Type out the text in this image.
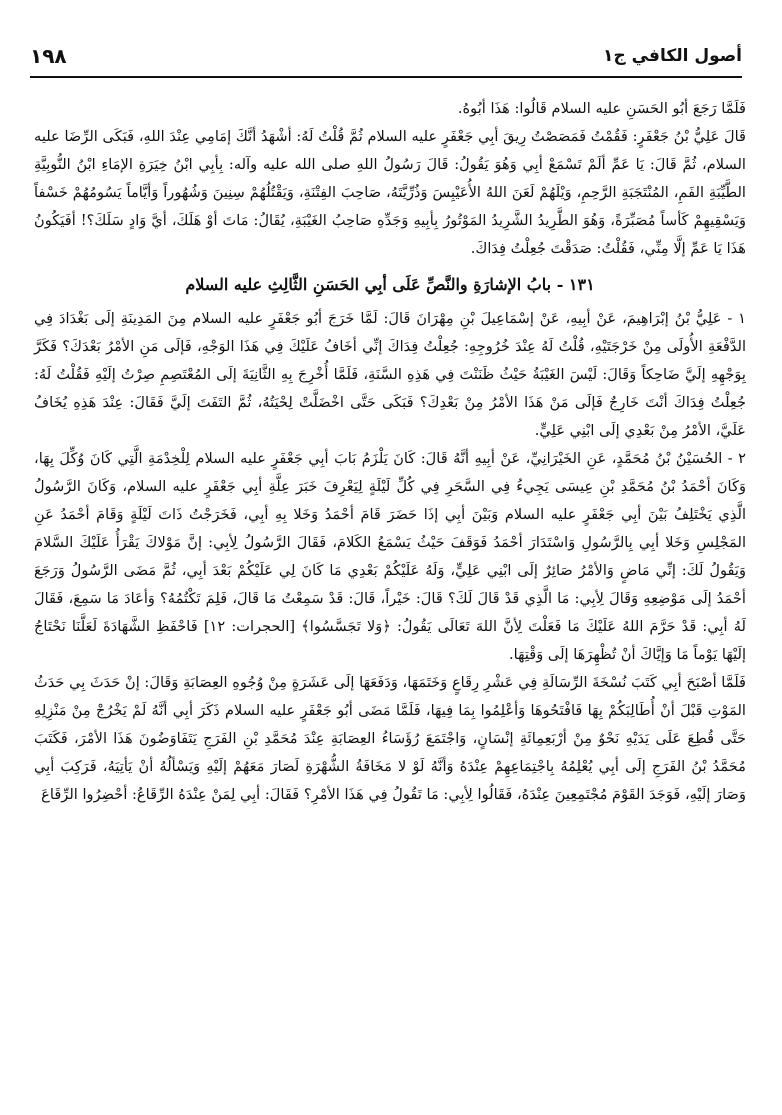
١٩٨	أصول الكافي ج١

فَلَمَّا رَجَعَ أبُو الحَسَنِ عليه السلام قَالُوا: هَذَا أبُوهُ.

قَالَ عَلِيُّ بْنُ جَعْفَرٍ: فَقُمْتُ فَمَصَصْتُ رِيقَ أبِي جَعْفَرٍ عليه السلام ثُمَّ قُلْتُ لَهُ: أشْهَدُ أنَّكَ إمَامِي عِنْدَ اللهِ، فَبَكَى الرِّضَا عليه السلام، ثُمَّ قَالَ: يَا عَمِّ ألَمْ تَسْمَعْ أبِي وَهُوَ يَقُولُ: قَالَ رَسُولُ اللهِ صلى الله عليه وآله: بِأبِي ابْنُ خِيَرَةِ الإمَاءِ ابْنُ النُّوبِيَّةِ الطَّيِّبَةِ الفَمِ، المُنْتَجَبَةِ الرَّحِمِ، وَيْلَهُمْ لَعَنَ اللهُ الأُعَيْبِسَ وَذُرِّيَّتَهُ، صَاحِبَ الفِتْنَةِ، وَيَقْتُلُهُمْ سِنِينَ وَشُهُوراً وَأيَّاماً يَسُومُهُمْ خَسْفاً وَيَسْقِيهِمْ كَأساً مُصَبِّرَةً، وَهُوَ الطَّرِيدُ الشَّرِيدُ المَوْتُورُ بِأبِيهِ وَجَدِّهِ صَاحِبُ الغَيْبَةِ، يُقَالُ: مَاتَ أوْ هَلَكَ، أيَّ وَادٍ سَلَكَ؟! أفَيَكُونُ هَذَا يَا عَمِّ إلَّا مِنِّي، فَقُلْتُ: صَدَقْتَ جُعِلْتُ فِدَاكَ.

١٣١ - بابُ الإشارَةِ والنَّصِّ عَلَى أبِي الحَسَنِ الثَّالِثِ عليه السلام

١ - عَلِيُّ بْنُ إبْرَاهِيمَ، عَنْ أبِيهِ، عَنْ إسْمَاعِيلَ بْنِ مِهْرَانَ قَالَ: لَمَّا خَرَجَ أبُو جَعْفَرٍ عليه السلام مِنَ المَدِينَةِ إلَى بَغْدَادَ فِي الدَّفْعَةِ الأُولَى مِنْ خَرْجَتَيْهِ، قُلْتُ لَهُ عِنْدَ خُرُوجِهِ: جُعِلْتُ فِدَاكَ إنِّي أخَافُ عَلَيْكَ فِي هَذَا الوَجْهِ، فَإلَى مَنِ الأمْرُ بَعْدَكَ؟ فَكَرَّ بِوَجْهِهِ إلَيَّ ضَاحِكاً وَقَالَ: لَيْسَ الغَيْبَةُ حَيْثُ ظَنَنْتَ فِي هَذِهِ السَّنَةِ، فَلَمَّا أُخْرِجَ بِهِ الثَّانِيَةَ إلَى المُعْتَصِمِ صِرْتُ إلَيْهِ فَقُلْتُ لَهُ: جُعِلْتُ فِدَاكَ أنْتَ خَارِجٌ فَإلَى مَنْ هَذَا الأمْرُ مِنْ بَعْدِكَ؟ فَبَكَى حَتَّى اخْضَلَّتْ لِحْيَتُهُ، ثُمَّ التَفَتَ إلَيَّ فَقَالَ: عِنْدَ هَذِهِ يُخَافُ عَلَيَّ، الأمْرُ مِنْ بَعْدِي إلَى ابْنِي عَلِيٍّ.

٢ - الحُسَيْنُ بْنُ مُحَمَّدٍ، عَنِ الخَيْرَانِيِّ، عَنْ أبِيهِ أنَّهُ قَالَ: كَانَ يَلْزَمُ بَابَ أبِي جَعْفَرٍ عليه السلام لِلْخِدْمَةِ الَّتِي كَانَ وُكِّلَ بِهَا، وَكَانَ أحْمَدُ بْنُ مُحَمَّدِ بْنِ عِيسَى يَجِيءُ فِي السَّحَرِ فِي كُلِّ لَيْلَةٍ لِيَعْرِفَ خَبَرَ عِلَّةِ أبِي جَعْفَرٍ عليه السلام، وَكَانَ الرَّسُولُ الَّذِي يَخْتَلِفُ بَيْنَ أبِي جَعْفَرٍ عليه السلام وَبَيْنَ أبِي إذَا حَضَرَ قَامَ أحْمَدُ وَخَلا بِهِ أبِي، فَخَرَجْتُ ذَاتَ لَيْلَةٍ وَقَامَ أحْمَدُ عَنِ المَجْلِسِ وَخَلا أبِي بِالرَّسُولِ وَاسْتَدَارَ أحْمَدُ فَوَقَفَ حَيْثُ يَسْمَعُ الكَلامَ، فَقَالَ الرَّسُولُ لِأبِي: إنَّ مَوْلاكَ يَقْرَأُ عَلَيْكَ السَّلامَ وَيَقُولُ لَكَ: إنِّي مَاضٍ وَالأمْرُ صَائِرٌ إلَى ابْنِي عَلِيٍّ، وَلَهُ عَلَيْكُمْ بَعْدِي مَا كَانَ لِي عَلَيْكُمْ بَعْدَ أبِي، ثُمَّ مَضَى الرَّسُولُ وَرَجَعَ أحْمَدُ إلَى مَوْضِعِهِ وَقَالَ لِأبِي: مَا الَّذِي قَدْ قَالَ لَكَ؟ قَالَ: خَيْراً، قَالَ: قَدْ سَمِعْتُ مَا قَالَ، فَلِمَ تَكْتُمُهُ؟ وَأعَادَ مَا سَمِعَ، فَقَالَ لَهُ أبِي: قَدْ حَرَّمَ اللهُ عَلَيْكَ مَا فَعَلْتَ لِأنَّ اللهَ تَعَالَى يَقُولُ: ﴿وَلا تَجَسَّسُوا﴾ [الحجرات: ١٢] فَاحْفَظِ الشَّهَادَةَ لَعَلَّنَا نَحْتَاجُ إلَيْهَا يَوْماً مَا وَإيَّاكَ أنْ تُظْهِرَهَا إلَى وَقْتِهَا.

فَلَمَّا أصْبَحَ أبِي كَتَبَ نُسْخَةَ الرِّسَالَةِ فِي عَشْرِ رِقَاعٍ وَخَتَمَهَا، وَدَفَعَهَا إلَى عَشَرَةٍ مِنْ وُجُوهِ العِصَابَةِ وَقَالَ: إنْ حَدَثَ بِي حَدَثُ المَوْتِ قَبْلَ أنْ أُطَالِبَكُمْ بِهَا فَافْتَحُوهَا وَأعْلِمُوا بِمَا فِيهَا، فَلَمَّا مَضَى أبُو جَعْفَرٍ عليه السلام ذَكَرَ أبِي أنَّهُ لَمْ يَخْرُجْ مِنْ مَنْزِلِهِ حَتَّى قُطِعَ عَلَى يَدَيْهِ نَحْوٌ مِنْ أرْبَعِمِائَةِ إنْسَانٍ، وَاجْتَمَعَ رُؤَسَاءُ العِصَابَةِ عِنْدَ مُحَمَّدِ بْنِ الفَرَجِ يَتَفَاوَضُونَ هَذَا الأمْرَ، فَكَتَبَ مُحَمَّدُ بْنُ الفَرَجِ إلَى أبِي يُعْلِمُهُ بِاجْتِمَاعِهِمْ عِنْدَهُ وَأنَّهُ لَوْ لا مَخَافَةُ الشُّهْرَةِ لَصَارَ مَعَهُمْ إلَيْهِ وَيَسْألُهُ أنْ يَأتِيَهُ، فَرَكِبَ أبِي وَصَارَ إلَيْهِ، فَوَجَدَ القَوْمَ مُجْتَمِعِينَ عِنْدَهُ، فَقَالُوا لِأبِي: مَا تَقُولُ فِي هَذَا الأمْرِ؟ فَقَالَ: أبِي لِمَنْ عِنْدَهُ الرِّقَاعُ: أحْضِرُوا الرِّقَاعَ
